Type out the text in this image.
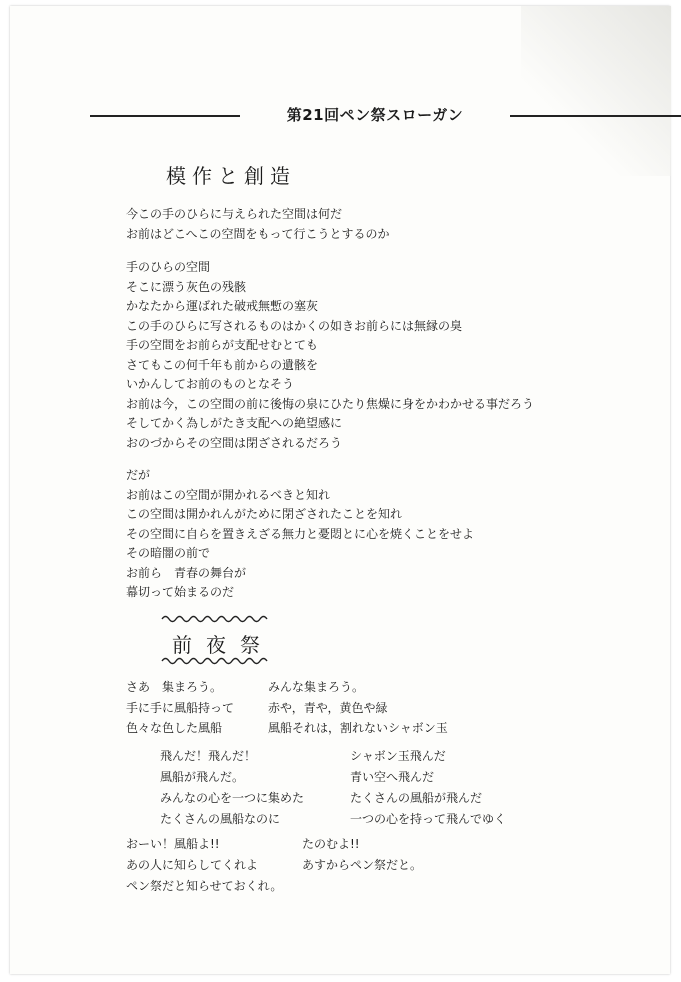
第21回ペン祭スローガン
模作と創造
今この手のひらに与えられた空間は何だ
お前はどこへこの空間をもって行こうとするのか
手のひらの空間
そこに漂う灰色の残骸
かなたから運ばれた破戒無慙の塞灰
この手のひらに写されるものはかくの如きお前らには無縁の臭
手の空間をお前らが支配せむとても
さてもこの何千年も前からの遺骸を
いかんしてお前のものとなそう
お前は今，この空間の前に後悔の泉にひたり焦燥に身をかわかせる事だろう
そしてかく為しがたき支配への絶望感に
おのづからその空間は閉ざされるだろう
だが
お前はこの空間が開かれるべきと知れ
この空間は開かれんがために閉ざされたことを知れ
その空間に自らを置きえざる無力と憂悶とに心を焼くことをせよ
その暗闇の前で
お前ら　青春の舞台が
幕切って始まるのだ
前夜祭
さあ　集まろう。
手に手に風船持って
色々な色した風船
みんな集まろう。
赤や，青や，黄色や緑
風船それは，割れないシャボン玉
飛んだ！飛んだ！
風船が飛んだ。
みんなの心を一つに集めた
たくさんの風船なのに
シャボン玉飛んだ
青い空へ飛んだ
たくさんの風船が飛んだ
一つの心を持って飛んでゆく
おーい！風船よ!!
あの人に知らしてくれよ
ペン祭だと知らせておくれ。
たのむよ!!
あすからペン祭だと。
